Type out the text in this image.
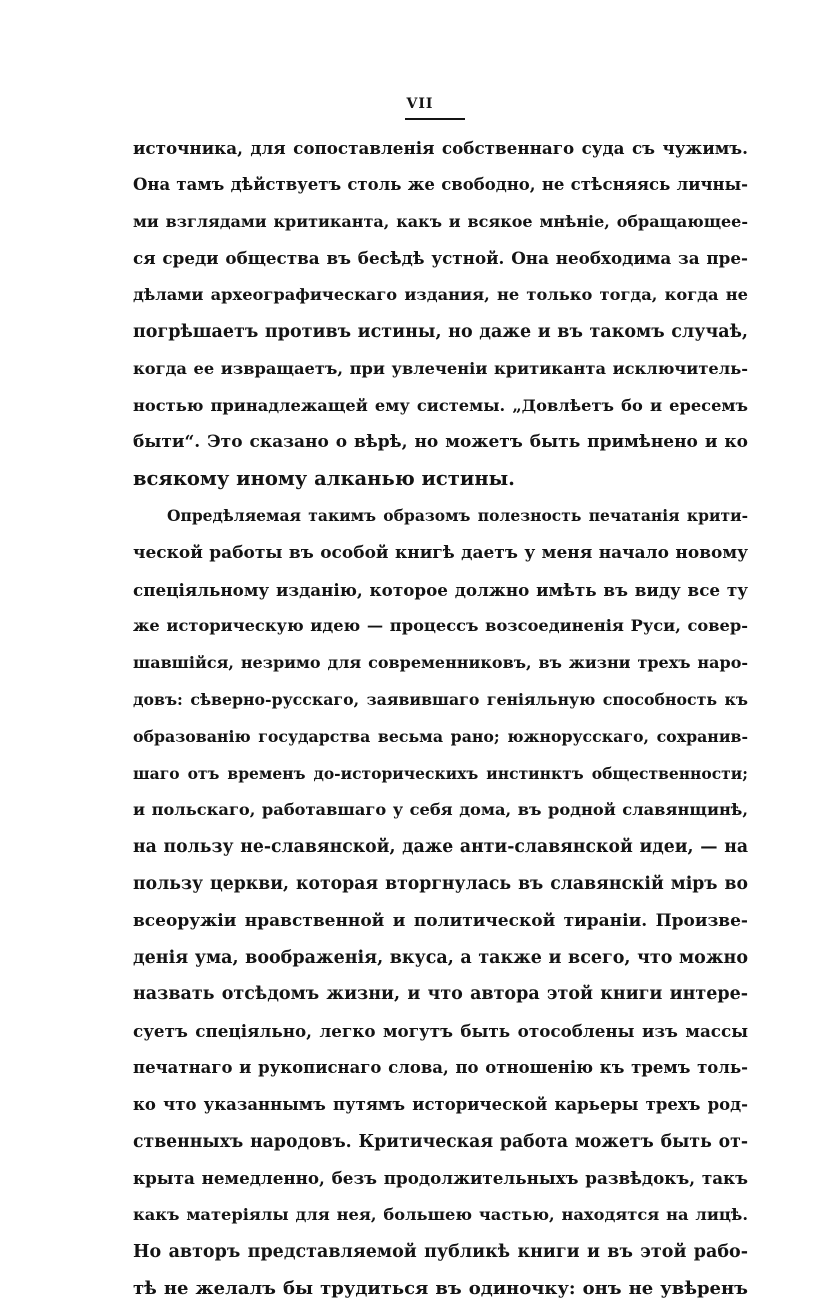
VII
источника, для сопоставленія собственнаго суда съ чужимъ.
Она тамъ дѣйствуетъ столь же свободно, не стѣсняясь личны-
ми взглядами критиканта, какъ и всякое мнѣніе, обращающее-
ся среди общества въ бесѣдѣ устной. Она необходима за пре-
дѣлами археографическаго издания, не только тогда, когда не
погрѣшаетъ противъ истины, но даже и въ такомъ случаѣ,
когда ее извращаетъ, при увлеченіи критиканта исключитель-
ностью принадлежащей ему системы. „Довлѣетъ бо и ересемъ
быти“. Это сказано о вѣрѣ, но можетъ быть примѣнено и ко
всякому иному алканью истины.
Опредѣляемая такимъ образомъ полезность печатанія крити-
ческой работы въ особой книгѣ даетъ у меня начало новому
спеціяльному изданію, которое должно имѣть въ виду все ту
же историческую идею — процессъ возсоединенія Руси, совер-
шавшійся, незримо для современниковъ, въ жизни трехъ наро-
довъ: сѣверно-русскаго, заявившаго геніяльную способность къ
образованію государства весьма рано; южнорусскаго, сохранив-
шаго отъ временъ до-историческихъ инстинктъ общественности;
и польскаго, работавшаго у себя дома, въ родной славянщинѣ,
на пользу не-славянской, даже анти-славянской идеи, — на
пользу церкви, которая вторгнулась въ славянскій міръ во
всеоружіи нравственной и политической тираніи. Произве-
денія ума, воображенія, вкуса, а также и всего, что можно
назвать отсѣдомъ жизни, и что автора этой книги интере-
суетъ спеціяльно, легко могутъ быть отособлены изъ массы
печатнаго и рукописнаго слова, по отношенію къ тремъ толь-
ко что указаннымъ путямъ исторической карьеры трехъ род-
ственныхъ народовъ. Критическая работа можетъ быть от-
крыта немедленно, безъ продолжительныхъ развѣдокъ, такъ
какъ матеріялы для нея, большею частью, находятся на лицѣ.
Но авторъ представляемой публикѣ книги и въ этой рабо-
тѣ не желалъ бы трудиться въ одиночку: онъ не увѣренъ
